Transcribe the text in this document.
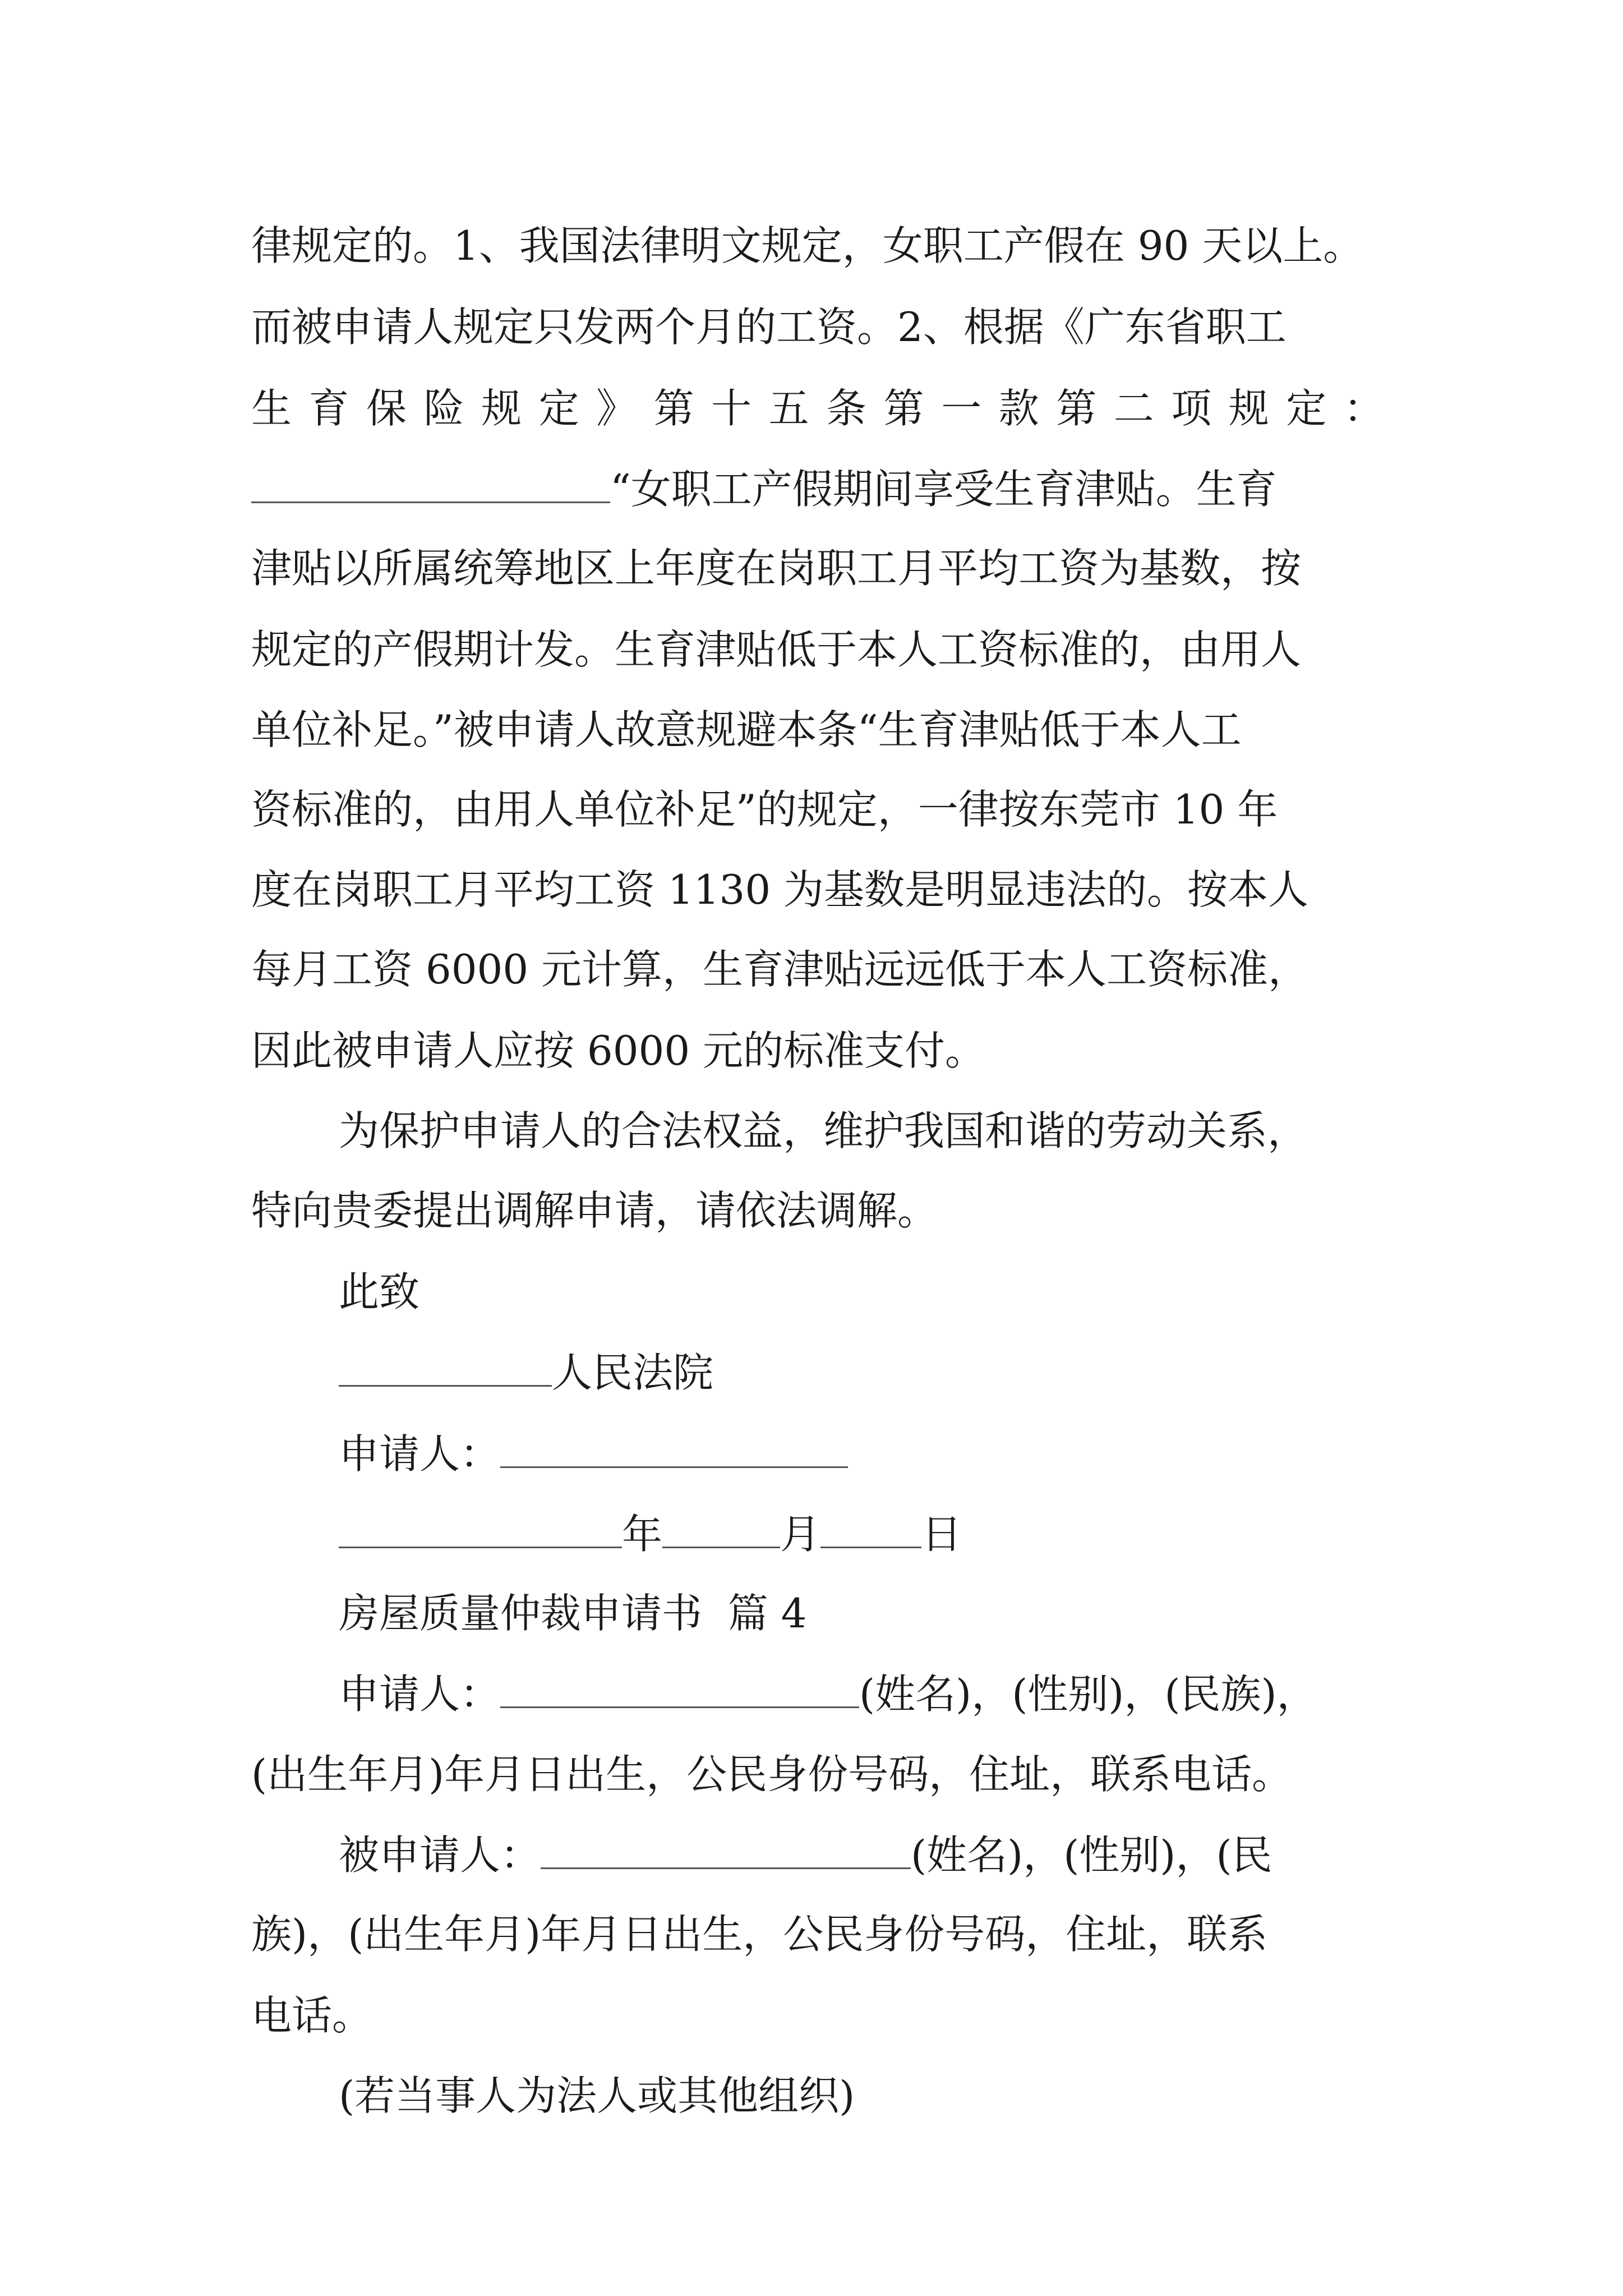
律规定的。1、我国法律明文规定，女职工产假在 90 天以上。
而被申请人规定只发两个月的工资。2、根据《广东省职工
生 育 保 险 规 定 》 第 十 五 条 第 一 款 第 二 项 规 定 ：
“女职工产假期间享受生育津贴。生育
津贴以所属统筹地区上年度在岗职工月平均工资为基数，按
规定的产假期计发。生育津贴低于本人工资标准的，由用人
单位补足。”被申请人故意规避本条“生育津贴低于本人工
资标准的，由用人单位补足”的规定，一律按东莞市 10 年
度在岗职工月平均工资 1130 为基数是明显违法的。按本人
每月工资 6000 元计算，生育津贴远远低于本人工资标准，
因此被申请人应按 6000 元的标准支付。
为保护申请人的合法权益，维护我国和谐的劳动关系，
特向贵委提出调解申请，请依法调解。
此致
人民法院
申请人：
年	月	日
房屋质量仲裁申请书  篇 4
申请人：	(姓名)，(性别)，(民族)，
(出生年月)年月日出生，公民身份号码，住址，联系电话。
被申请人：	(姓名)，(性别)，(民
族)，(出生年月)年月日出生，公民身份号码，住址，联系
电话。
(若当事人为法人或其他组织)
